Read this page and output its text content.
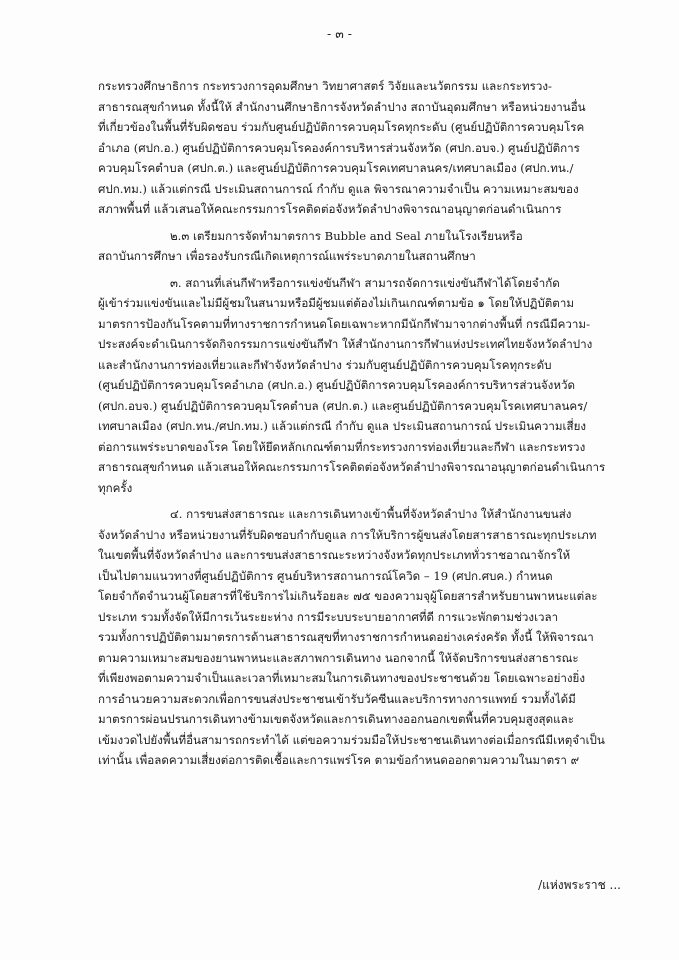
- ๓ -
กระทรวงศึกษาธิการ กระทรวงการอุดมศึกษา วิทยาศาสตร์ วิจัยและนวัตกรรม และกระทรวง-
สาธารณสุขกำหนด ทั้งนี้ให้ สำนักงานศึกษาธิการจังหวัดลำปาง สถาบันอุดมศึกษา หรือหน่วยงานอื่น
ที่เกี่ยวข้องในพื้นที่รับผิดชอบ ร่วมกับศูนย์ปฏิบัติการควบคุมโรคทุกระดับ (ศูนย์ปฏิบัติการควบคุมโรค
อำเภอ (ศปก.อ.) ศูนย์ปฏิบัติการควบคุมโรคองค์การบริหารส่วนจังหวัด (ศปก.อบจ.) ศูนย์ปฏิบัติการ
ควบคุมโรคตำบล (ศปก.ต.) และศูนย์ปฏิบัติการควบคุมโรคเทศบาลนคร/เทศบาลเมือง (ศปก.ทน./
ศปก.ทม.) แล้วแต่กรณี ประเมินสถานการณ์ กำกับ ดูแล พิจารณาความจำเป็น ความเหมาะสมของ
สภาพพื้นที่ แล้วเสนอให้คณะกรรมการโรคติดต่อจังหวัดลำปางพิจารณาอนุญาตก่อนดำเนินการ
๒.๓ เตรียมการจัดทำมาตรการ Bubble and Seal ภายในโรงเรียนหรือ
สถาบันการศึกษา เพื่อรองรับกรณีเกิดเหตุการณ์แพร่ระบาดภายในสถานศึกษา
๓. สถานที่เล่นกีฬาหรือการแข่งขันกีฬา สามารถจัดการแข่งขันกีฬาได้โดยจำกัด
ผู้เข้าร่วมแข่งขันและไม่มีผู้ชมในสนามหรือมีผู้ชมแต่ต้องไม่เกินเกณฑ์ตามข้อ ๑ โดยให้ปฏิบัติตาม
มาตรการป้องกันโรคตามที่ทางราชการกำหนดโดยเฉพาะหากมีนักกีฬามาจากต่างพื้นที่ กรณีมีความ-
ประสงค์จะดำเนินการจัดกิจกรรมการแข่งขันกีฬา ให้สำนักงานการกีฬาแห่งประเทศไทยจังหวัดลำปาง
และสำนักงานการท่องเที่ยวและกีฬาจังหวัดลำปาง ร่วมกับศูนย์ปฏิบัติการควบคุมโรคทุกระดับ
(ศูนย์ปฏิบัติการควบคุมโรคอำเภอ (ศปก.อ.) ศูนย์ปฏิบัติการควบคุมโรคองค์การบริหารส่วนจังหวัด
(ศปก.อบจ.) ศูนย์ปฏิบัติการควบคุมโรคตำบล (ศปก.ต.) และศูนย์ปฏิบัติการควบคุมโรคเทศบาลนคร/
เทศบาลเมือง (ศปก.ทน./ศปก.ทม.) แล้วแต่กรณี กำกับ ดูแล ประเมินสถานการณ์ ประเมินความเสี่ยง
ต่อการแพร่ระบาดของโรค โดยให้ยึดหลักเกณฑ์ตามที่กระทรวงการท่องเที่ยวและกีฬา และกระทรวง
สาธารณสุขกำหนด แล้วเสนอให้คณะกรรมการโรคติดต่อจังหวัดลำปางพิจารณาอนุญาตก่อนดำเนินการ
ทุกครั้ง
๔. การขนส่งสาธารณะ และการเดินทางเข้าพื้นที่จังหวัดลำปาง ให้สำนักงานขนส่ง
จังหวัดลำปาง หรือหน่วยงานที่รับผิดชอบกำกับดูแล การให้บริการผู้ขนส่งโดยสารสาธารณะทุกประเภท
ในเขตพื้นที่จังหวัดลำปาง และการขนส่งสาธารณะระหว่างจังหวัดทุกประเภททั่วราชอาณาจักรให้
เป็นไปตามแนวทางที่ศูนย์ปฏิบัติการ ศูนย์บริหารสถานการณ์โควิด – 19 (ศปก.ศบค.) กำหนด
โดยจำกัดจำนวนผู้โดยสารที่ใช้บริการไม่เกินร้อยละ ๗๕ ของความจุผู้โดยสารสำหรับยานพาหนะแต่ละ
ประเภท รวมทั้งจัดให้มีการเว้นระยะห่าง การมีระบบระบายอากาศที่ดี การแวะพักตามช่วงเวลา
รวมทั้งการปฏิบัติตามมาตรการด้านสาธารณสุขที่ทางราชการกำหนดอย่างเคร่งครัด ทั้งนี้ ให้พิจารณา
ตามความเหมาะสมของยานพาหนะและสภาพการเดินทาง นอกจากนี้ ให้จัดบริการขนส่งสาธารณะ
ที่เพียงพอตามความจำเป็นและเวลาที่เหมาะสมในการเดินทางของประชาชนด้วย โดยเฉพาะอย่างยิ่ง
การอำนวยความสะดวกเพื่อการขนส่งประชาชนเข้ารับวัคซีนและบริการทางการแพทย์ รวมทั้งได้มี
มาตรการผ่อนปรนการเดินทางข้ามเขตจังหวัดและการเดินทางออกนอกเขตพื้นที่ควบคุมสูงสุดและ
เข้มงวดไปยังพื้นที่อื่นสามารถกระทำได้ แต่ขอความร่วมมือให้ประชาชนเดินทางต่อเมื่อกรณีมีเหตุจำเป็น
เท่านั้น เพื่อลดความเสี่ยงต่อการติดเชื้อและการแพร่โรค ตามข้อกำหนดออกตามความในมาตรา ๙
/แห่งพระราช ...
